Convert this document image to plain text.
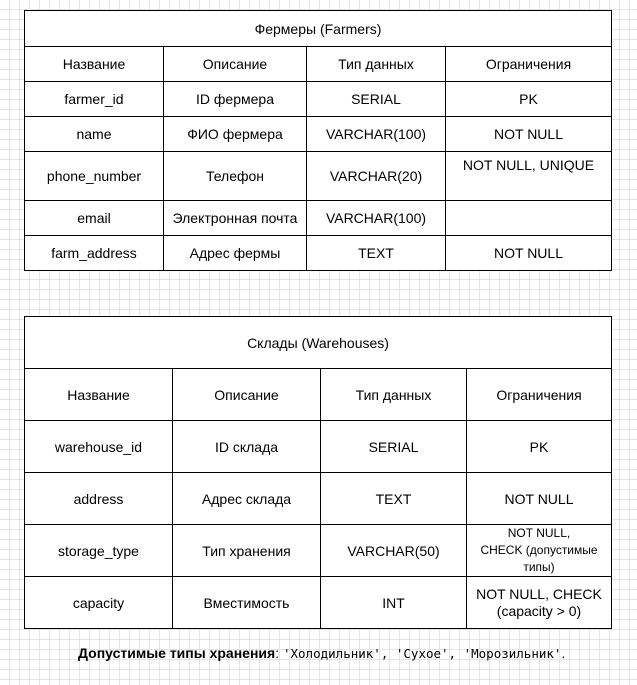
Фермеры (Farmers)			
Название	Описание	Тип данных	Ограничения
farmer_id	ID фермера	SERIAL	PK
name	ФИО фермера	VARCHAR(100)	NOT NULL
phone_number	Телефон	VARCHAR(20)	NOT NULL, UNIQUE
email	Электронная почта	VARCHAR(100)	
farm_address	Адрес фермы	TEXT	NOT NULL
Склады (Warehouses)			
Название	Описание	Тип данных	Ограничения
warehouse_id	ID склада	SERIAL	PK
address	Адрес склада	TEXT	NOT NULL
storage_type	Тип хранения	VARCHAR(50)	NOT NULL,
CHECK (допустимые типы)
capacity	Вместимость	INT	NOT NULL, CHECK (capacity > 0)
Допустимые типы хранения: 'Холодильник', 'Сухое', 'Морозильник'.
